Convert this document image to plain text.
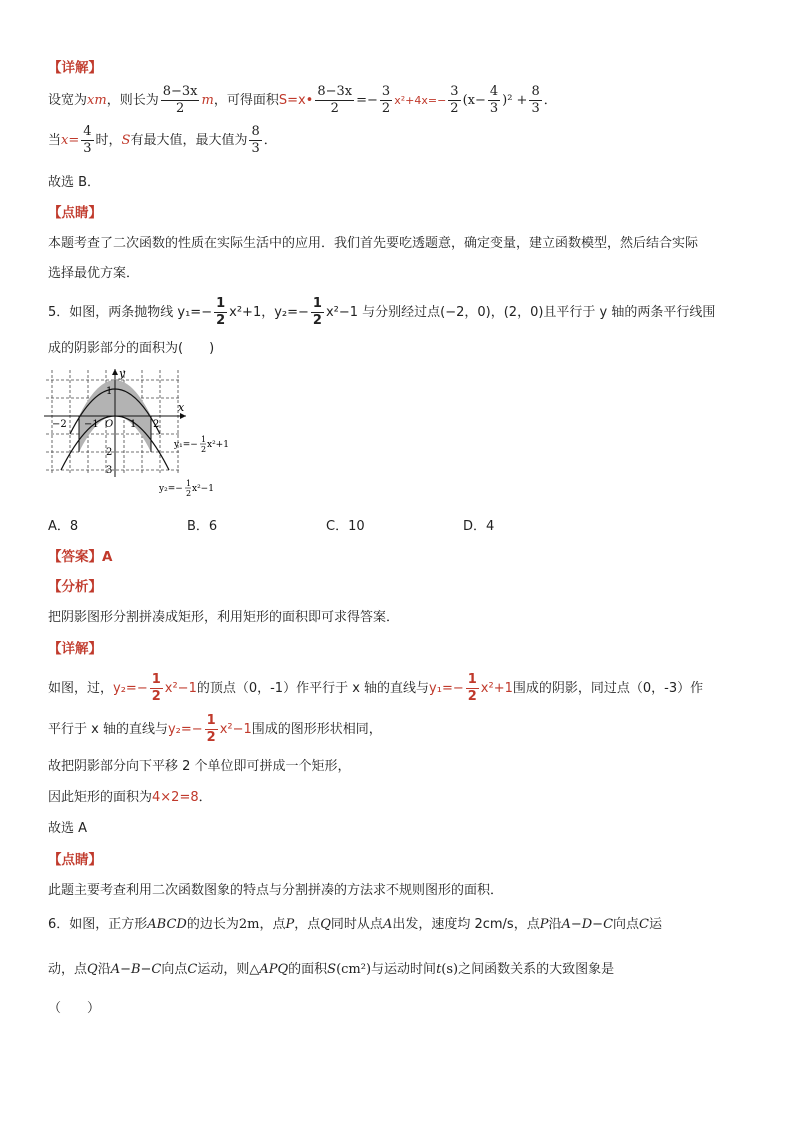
【详解】
设宽为xm，则长为 $\frac{8-3x}{2}$ m，可得面积S=x• $\frac{8-3x}{2} =- \frac{3}{2} x^2+4x=- \frac{3}{2} (x- \frac{4}{3} )^2 + \frac{8}{3}$ ．
当$x= \frac{4}{3}$ 时，S有最大值，最大值为 $\frac{8}{3}$ ．
故选 B．
【点睛】
本题考查了二次函数的性质在实际生活中的应用．我们首先要吃透题意，确定变量，建立函数模型，然后结合实际
选择最优方案．
5．如图，两条抛物线 $y_1=- \frac{1}{2} x^2+1$，$y_2=- \frac{1}{2} x^2-1$ 与分别经过点(−2，0)，(2，0)且平行于 y 轴的两条平行线围
成的阴影部分的面积为(　　)
x
y
O
−2 −1	1 2
1
2
3
y₁=−
1
2 x²+1
y₂=−
1
2 x²−1
A．8	B．6	C．10	D．4
【答案】A
【分析】
把阴影图形分割拼凑成矩形，利用矩形的面积即可求得答案．
【详解】
如图，过，$y_2=- \frac{1}{2} x^2-1$的顶点（0，-1）作平行于 x 轴的直线与$y_1=- \frac{1}{2} x^2+1$围成的阴影，同过点（0，-3）作
平行于 x 轴的直线与$y_2=- \frac{1}{2} x^2-1$围成的图形形状相同，
故把阴影部分向下平移 2 个单位即可拼成一个矩形，
因此矩形的面积为4×2=8．
故选 A
【点睛】
此题主要考查利用二次函数图象的特点与分割拼凑的方法求不规则图形的面积．
6．如图，正方形ABCD的边长为2m，点P，点Q同时从点A出发，速度均 2cm/s，点P沿A−D−C向点C运
动，点Q沿A−B−C向点C运动，则△APQ的面积S(cm²)与运动时间t(s)之间函数关系的大致图象是
（　　）
